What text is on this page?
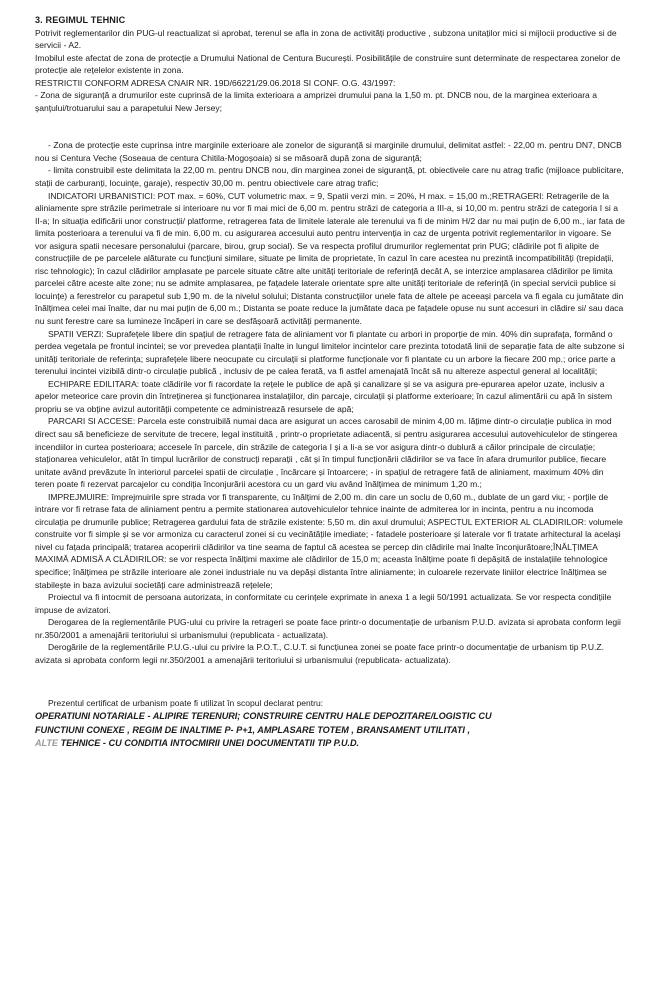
3. REGIMUL TEHNIC

Potrivit reglementarilor din PUG-ul reactualizat si aprobat, terenul se afla in zona de activități productive , subzona unitaților mici si mijlocii productive si de servicii - A2.

Imobilul este afectat de zona de protecție a Drumului National de Centura București. Posibilitățile de construire sunt determinate de respectarea zonelor de protecție ale rețelelor existente in zona.

RESTRICTII CONFORM ADRESA CNAIR NR. 19D/66221/29.06.2018 SI CONF. O.G. 43/1997:

- Zona de siguranță a drumurilor este cuprinsă de la limita exterioara a amprizei drumului pana la 1,50 m. pt. DNCB nou, de la marginea exterioara a șanțului/trotuarului sau a parapetului New Jersey;

- Zona de protecție este cuprinsa intre marginile exterioare ale zonelor de siguranță si marginile drumului, delimitat astfel: - 22,00 m. pentru DN7, DNCB nou si Centura Veche (Soseaua de centura Chitila-Mogoșoaia) si se măsoară după zona de siguranță;

- limita construibil este delimitata la 22,00 m. pentru DNCB nou, din marginea zonei de siguranță, pt. obiectivele care nu atrag trafic (mijloace publicitare, stații de carburanți, locuințe, garaje), respectiv 30,00 m. pentru obiectivele care atrag trafic;

INDICATORI URBANISTICI: POT max. = 60%, CUT volumetric max. = 9, Spatii verzi min. = 20%, H max. = 15,00 m.;RETRAGERI: Retragerile de la aliniamente spre străzile perimetrale si interioare nu vor fi mai mici de 6,00 m. pentru străzi de categoria a III-a, si 10,00 m. pentru străzi de categoria I si a II-a; In situația edificării unor construcții/ platforme, retragerea fata de limitele laterale ale terenului va fi de minim H/2 dar nu mai puțin de 6,00 m., iar fata de limita posterioara a terenului va fi de min. 6,00 m. cu asigurarea accesului auto pentru intervenția in caz de urgenta potrivit reglementarilor in vigoare. Se vor asigura spatii necesare personalului (parcare, birou, grup social). Se va respecta profilul drumurilor reglementat prin PUG; clădirile pot fi alipite de construcțiile de pe parcelele alăturate cu funcțiuni similare, situate pe limita de proprietate, în cazul în care acestea nu prezintă incompatibilități (trepidații, risc tehnologic); în cazul clădirilor amplasate pe parcele situate către alte unități teritoriale de referință decât A, se interzice amplasarea clădirilor pe limita parcelei către aceste alte zone; nu se admite amplasarea, pe fațadele laterale orientate spre alte unități teritoriale de referință (in special servicii publice si locuințe) a ferestrelor cu parapetul sub 1,90 m. de la nivelul solului; Distanta construcțiilor unele fata de altele pe aceeași parcela va fi egala cu jumătate din înălțimea celei mai înalte, dar nu mai puțin de 6,00 m.; Distanta se poate reduce la jumătate daca pe fațadele opuse nu sunt accesuri in clădire si/ sau daca nu sunt ferestre care sa lumineze încăperi in care se desfășoară activități permanente.

SPATII VERZI: Suprafețele libere din spațiul de retragere fata de aliniament vor fi plantate cu arbori in proporție de min. 40% din suprafața, formând o perdea vegetala pe frontul incintei; se vor prevedea plantații înalte in lungul limitelor incintelor care prezinta totodată linii de separație fata de alte subzone si unități teritoriale de referința; suprafețele libere neocupate cu circulații si platforme funcționale vor fi plantate cu un arbore la fiecare 200 mp.; orice parte a terenului incintei vizibilă dintr-o circulație publică , inclusiv de pe calea ferată, va fi astfel amenajată încât să nu altereze aspectul general al localității;

ECHIPARE EDILITARA: toate clădirile vor fi racordate la rețele le publice de apă și canalizare și se va asigura pre-epurarea apelor uzate, inclusiv a apelor meteorice care provin din întreținerea și funcționarea instalațiilor, din parcaje, circulații și platforme exterioare; în cazul alimentării cu apă în sistem propriu se va obține avizul autorității competente ce administrează resursele de apă;

PARCARI SI ACCESE: Parcela este construibilă numai daca are asigurat un acces carosabil de minim 4,00 m. lățime dintr-o circulație publica in mod direct sau să beneficieze de servitute de trecere, legal instituită , printr-o proprietate adiacentă, si pentru asigurarea accesului autovehiculelor de stingerea incendiilor in curtea posterioara; accesele în parcele, din străzile de categoria I și a Ii-a se vor asigura dintr-o dublură a căilor principale de circulație; staționarea vehiculelor, atât în timpul lucrărilor de construcți reparații , cât și în timpul funcționării clădirilor se va face în afara drumurilor publice, fiecare unitate având prevăzute în interiorul parcelei spatii de circulație , încărcare și întoarcere; - in spațiul de retragere fată de aliniament, maximum 40% din teren poate fi rezervat parcajelor cu condiția înconjurării acestora cu un gard viu având înălțimea de minimum 1,20 m.;

IMPREJMUIRE: împrejmuirile spre strada vor fi transparente, cu înălțimi de 2,00 m. din care un soclu de 0,60 m., dublate de un gard viu; - porțile de intrare vor fi retrase fata de aliniament pentru a permite stationarea autovehiculelor tehnice inainte de admiterea lor in incinta, pentru a nu incomoda circulația pe drumurile publice; Retragerea gardului fata de străzile existente: 5,50 m. din axul drumului; ASPECTUL EXTERIOR AL CLADIRILOR: volumele construite vor fi simple și se vor armoniza cu caracterul zonei si cu vecinătățile imediate; - fatadele posterioare și laterale vor fi tratate arhitectural la același nivel cu fațada principală; tratarea acoperirii clădirilor va tine seama de faptul că acestea se percep din clădirile mai înalte înconjurătoare;ÎNĂLȚIMEA MAXIMĂ ADMISĂ A CLĂDIRILOR: se vor respecta înălțimi maxime ale clădirilor de 15,0 m; aceasta înălțime poate fi depășită de instalațiile tehnologice specifice; înălțimea pe străzile interioare ale zonei industriale nu va depăși distanta între aliniamente; in culoarele rezervate liniilor electrice înălțimea se stabilește in baza avizului societăți care administrează rețelele;

Proiectul va fi intocmit de persoana autorizata, in conformitate cu cerințele exprimate in anexa 1 a legii 50/1991 actualizata. Se vor respecta condițiile impuse de avizatori.

Derogarea de la reglementările PUG-ului cu privire la retrageri se poate face printr-o documentație de urbanism P.U.D. avizata si aprobata conform legii nr.350/2001 a amenajării teritoriului si urbanismului (republicata - actualizata).

Derogările de la reglementările P.U.G.-ului cu privire la P.O.T., C.U.T. si funcțiunea zonei se poate face printr-o documentație de urbanism tip P.U.Z. avizata si aprobata conform legii nr.350/2001 a amenajării teritoriului si urbanismului (republicata- actualizata).

Prezentul certificat de urbanism poate fi utilizat în scopul declarat pentru:

OPERATIUNI NOTARIALE - ALIPIRE TERENURI; CONSTRUIRE CENTRU HALE DEPOZITARE/LOGISTIC CU

FUNCTIUNI CONEXE , REGIM DE INALTIME P- P+1, AMPLASARE TOTEM , BRANSAMENT UTILITATI ,

ALTE TEHNICE - CU CONDITIA INTOCMIRII UNEI DOCUMENTATII TIP P.U.D.
